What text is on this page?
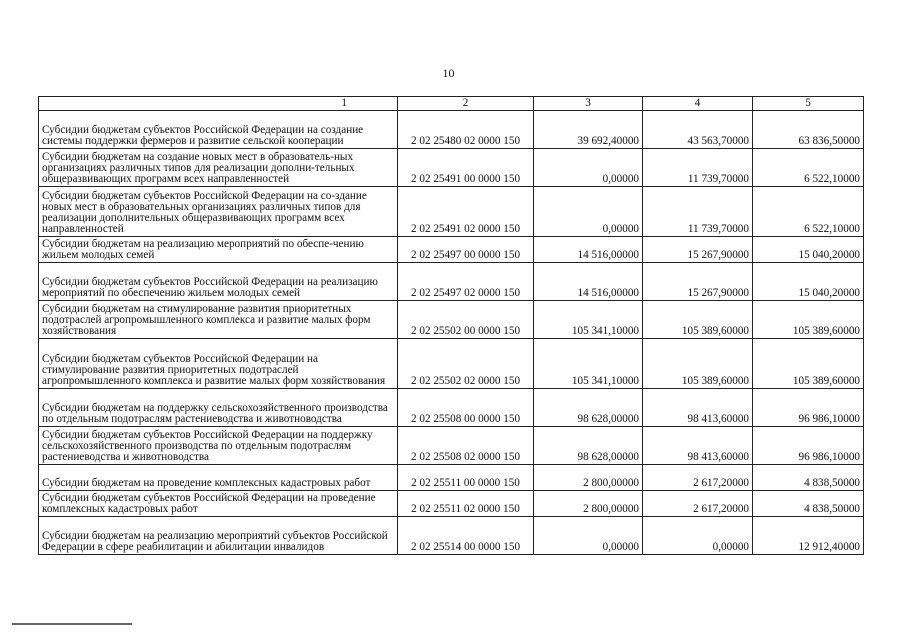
10
1	2	3	4	5
Субсидии бюджетам субъектов Российской Федерации на создание системы поддержки фермеров и развитие сельской кооперации	2 02 25480 02 0000 150	39 692,40000	43 563,70000	63 836,50000
Субсидии бюджетам на создание новых мест в образователь-ных организациях различных типов для реализации дополни-тельных общеразвивающих программ всех направленностей	2 02 25491 00 0000 150	0,00000	11 739,70000	6 522,10000
Субсидии бюджетам субъектов Российской Федерации на со-здание новых мест в образовательных организациях различных типов для реализации дополнительных общеразвивающих программ всех направленностей	2 02 25491 02 0000 150	0,00000	11 739,70000	6 522,10000
Субсидии бюджетам на реализацию мероприятий по обеспе-чению жильем молодых семей	2 02 25497 00 0000 150	14 516,00000	15 267,90000	15 040,20000
Субсидии бюджетам субъектов Российской Федерации на реализацию мероприятий по обеспечению жильем молодых семей	2 02 25497 02 0000 150	14 516,00000	15 267,90000	15 040,20000
Субсидии бюджетам на стимулирование развития приоритетных подотраслей агропромышленного комплекса и развитие малых форм хозяйствования	2 02 25502 00 0000 150	105 341,10000	105 389,60000	105 389,60000
Субсидии бюджетам субъектов Российской Федерации на стимулирование развития приоритетных подотраслей агропромышленного комплекса и развитие малых форм хозяйствования	2 02 25502 02 0000 150	105 341,10000	105 389,60000	105 389,60000
Субсидии бюджетам на поддержку сельскохозяйственного производства по отдельным подотраслям растениеводства и животноводства	2 02 25508 00 0000 150	98 628,00000	98 413,60000	96 986,10000
Субсидии бюджетам субъектов Российской Федерации на поддержку сельскохозяйственного производства по отдельным подотраслям растениеводства и животноводства	2 02 25508 02 0000 150	98 628,00000	98 413,60000	96 986,10000
Субсидии бюджетам на проведение комплексных кадастровых работ	2 02 25511 00 0000 150	2 800,00000	2 617,20000	4 838,50000
Субсидии бюджетам субъектов Российской Федерации на проведение комплексных кадастровых работ	2 02 25511 02 0000 150	2 800,00000	2 617,20000	4 838,50000
Субсидии бюджетам на реализацию мероприятий субъектов Российской Федерации в сфере реабилитации и абилитации инвалидов	2 02 25514 00 0000 150	0,00000	0,00000	12 912,40000
